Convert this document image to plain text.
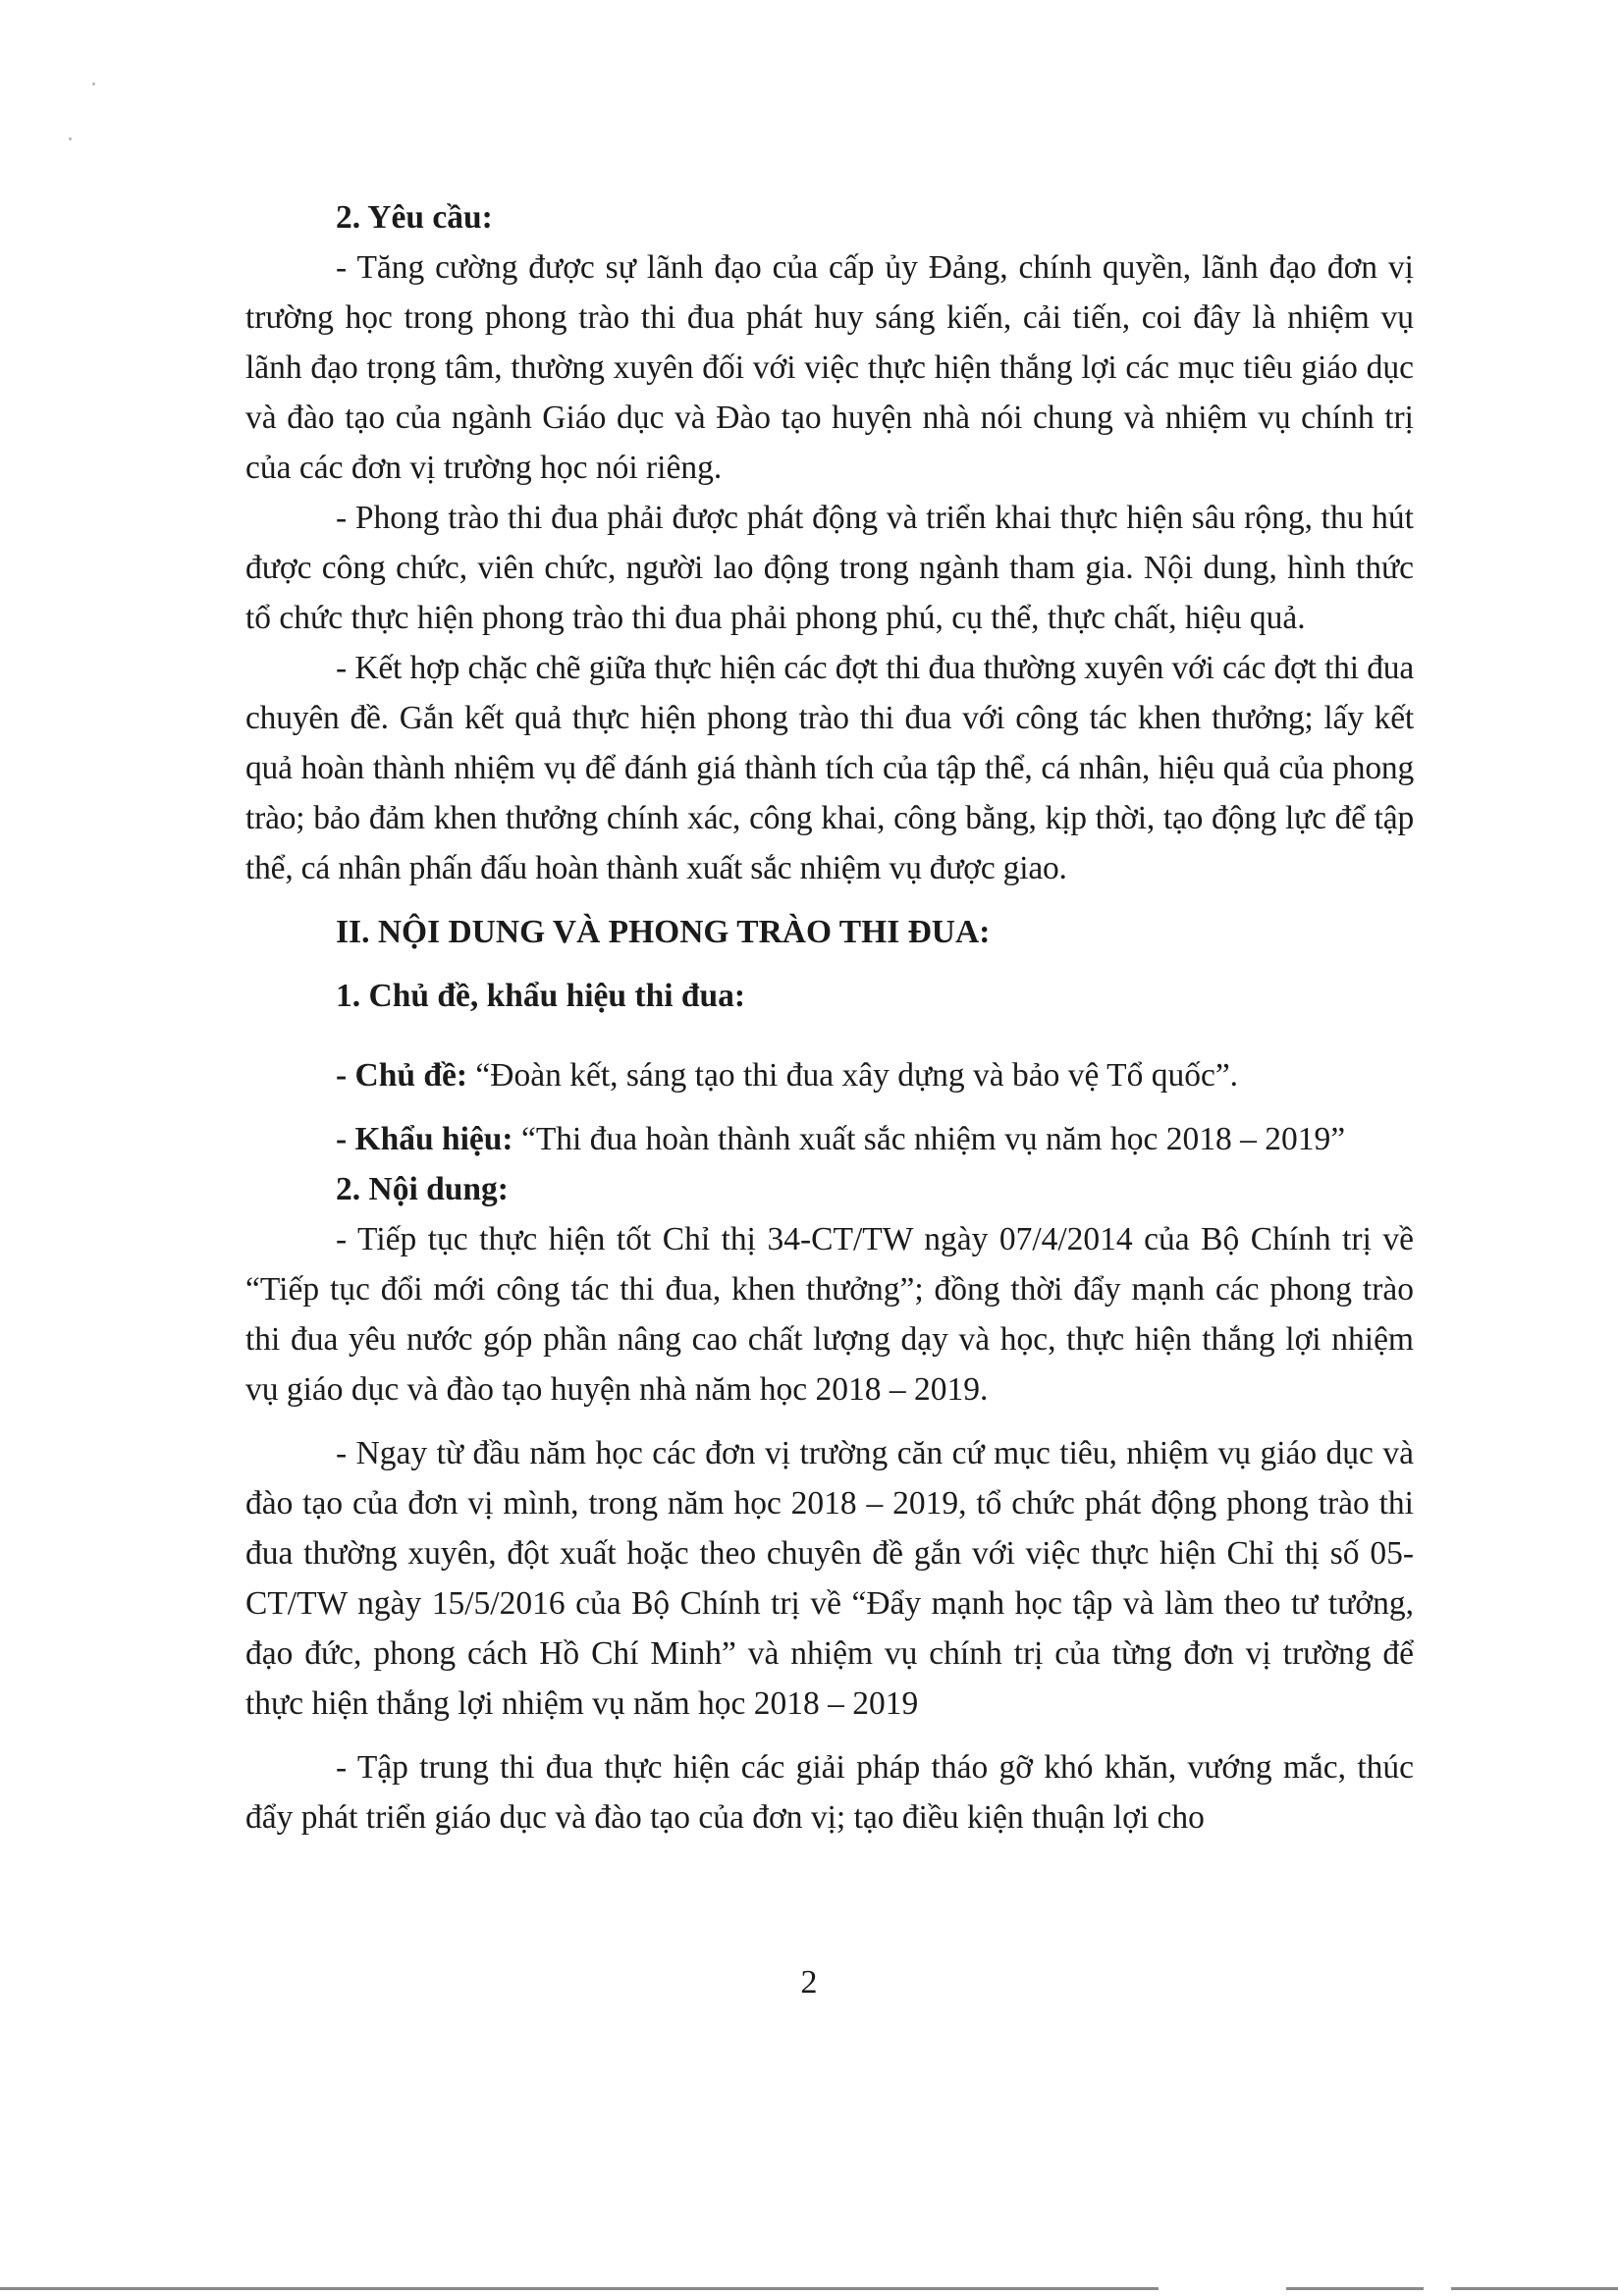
2. Yêu cầu:

- Tăng cường được sự lãnh đạo của cấp ủy Đảng, chính quyền, lãnh đạo đơn vị trường học trong phong trào thi đua phát huy sáng kiến, cải tiến, coi đây là nhiệm vụ lãnh đạo trọng tâm, thường xuyên đối với việc thực hiện thắng lợi các mục tiêu giáo dục và đào tạo của ngành Giáo dục và Đào tạo huyện nhà nói chung và nhiệm vụ chính trị của các đơn vị trường học nói riêng.

- Phong trào thi đua phải được phát động và triển khai thực hiện sâu rộng, thu hút được công chức, viên chức, người lao động trong ngành tham gia. Nội dung, hình thức tổ chức thực hiện phong trào thi đua phải phong phú, cụ thể, thực chất, hiệu quả.

- Kết hợp chặc chẽ giữa thực hiện các đợt thi đua thường xuyên với các đợt thi đua chuyên đề. Gắn kết quả thực hiện phong trào thi đua với công tác khen thưởng; lấy kết quả hoàn thành nhiệm vụ để đánh giá thành tích của tập thể, cá nhân, hiệu quả của phong trào; bảo đảm khen thưởng chính xác, công khai, công bằng, kịp thời, tạo động lực để tập thể, cá nhân phấn đấu hoàn thành xuất sắc nhiệm vụ được giao.

II. NỘI DUNG VÀ PHONG TRÀO THI ĐUA:

1. Chủ đề, khẩu hiệu thi đua:

- Chủ đề: “Đoàn kết, sáng tạo thi đua xây dựng và bảo vệ Tổ quốc”.

- Khẩu hiệu: “Thi đua hoàn thành xuất sắc nhiệm vụ năm học 2018 – 2019”

2. Nội dung:

- Tiếp tục thực hiện tốt Chỉ thị 34-CT/TW ngày 07/4/2014 của Bộ Chính trị về “Tiếp tục đổi mới công tác thi đua, khen thưởng”; đồng thời đẩy mạnh các phong trào thi đua yêu nước góp phần nâng cao chất lượng dạy và học, thực hiện thắng lợi nhiệm vụ giáo dục và đào tạo huyện nhà năm học 2018 – 2019.

- Ngay từ đầu năm học các đơn vị trường căn cứ mục tiêu, nhiệm vụ giáo dục và đào tạo của đơn vị mình, trong năm học 2018 – 2019, tổ chức phát động phong trào thi đua thường xuyên, đột xuất hoặc theo chuyên đề gắn với việc thực hiện Chỉ thị số 05-CT/TW ngày 15/5/2016 của Bộ Chính trị về “Đẩy mạnh học tập và làm theo tư tưởng, đạo đức, phong cách Hồ Chí Minh” và nhiệm vụ chính trị của từng đơn vị trường để thực hiện thắng lợi nhiệm vụ năm học 2018 – 2019

- Tập trung thi đua thực hiện các giải pháp tháo gỡ khó khăn, vướng mắc, thúc đẩy phát triển giáo dục và đào tạo của đơn vị; tạo điều kiện thuận lợi cho

2
